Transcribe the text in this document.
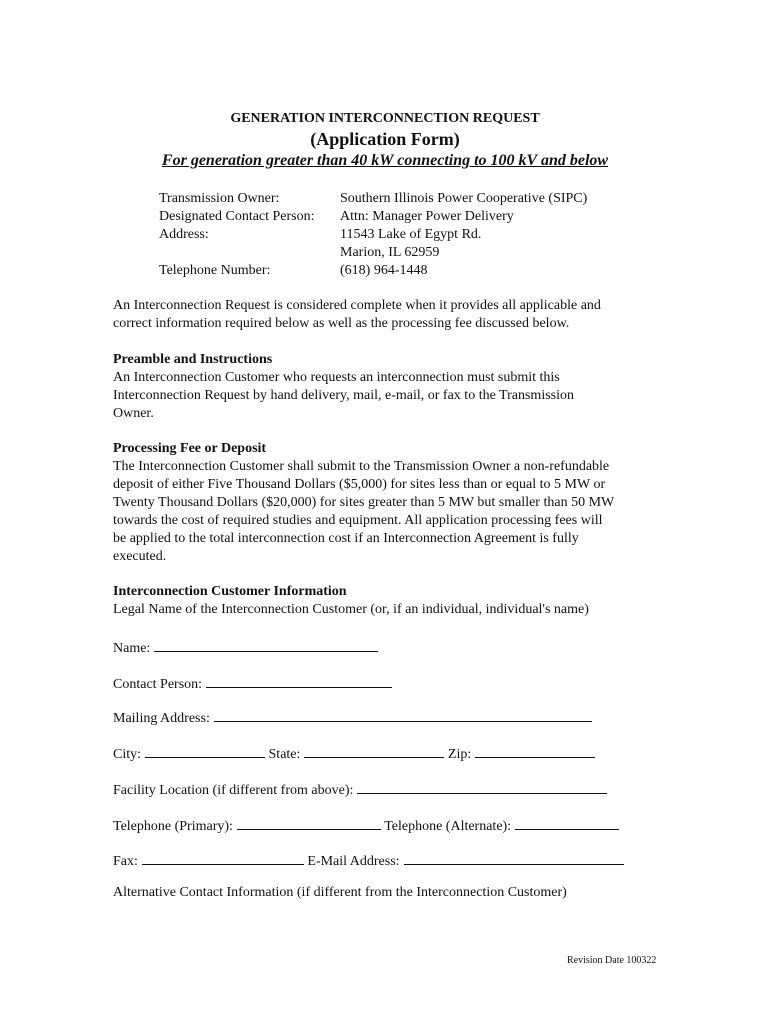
GENERATION INTERCONNECTION REQUEST
(Application Form)
For generation greater than 40 kW connecting to 100 kV and below
Transmission Owner:	Southern Illinois Power Cooperative (SIPC)
Designated Contact Person: Attn: Manager Power Delivery
Address:	11543 Lake of Egypt Rd.
Marion, IL 62959
Telephone Number:	(618) 964-1448
An Interconnection Request is considered complete when it provides all applicable and
correct information required below as well as the processing fee discussed below.
Preamble and Instructions
An Interconnection Customer who requests an interconnection must submit this
Interconnection Request by hand delivery, mail, e-mail, or fax to the Transmission
Owner.
Processing Fee or Deposit
The Interconnection Customer shall submit to the Transmission Owner a non-refundable
deposit of either Five Thousand Dollars ($5,000) for sites less than or equal to 5 MW or
Twenty Thousand Dollars ($20,000) for sites greater than 5 MW but smaller than 50 MW
towards the cost of required studies and equipment. All application processing fees will
be applied to the total interconnection cost if an Interconnection Agreement is fully
executed.
Interconnection Customer Information
Legal Name of the Interconnection Customer (or, if an individual, individual's name)
Name:
Contact Person:
Mailing Address:
City:	State:	Zip:
Facility Location (if different from above):
Telephone (Primary):	Telephone (Alternate):
Fax:	E-Mail Address:
Alternative Contact Information (if different from the Interconnection Customer)
Revision Date 100322
